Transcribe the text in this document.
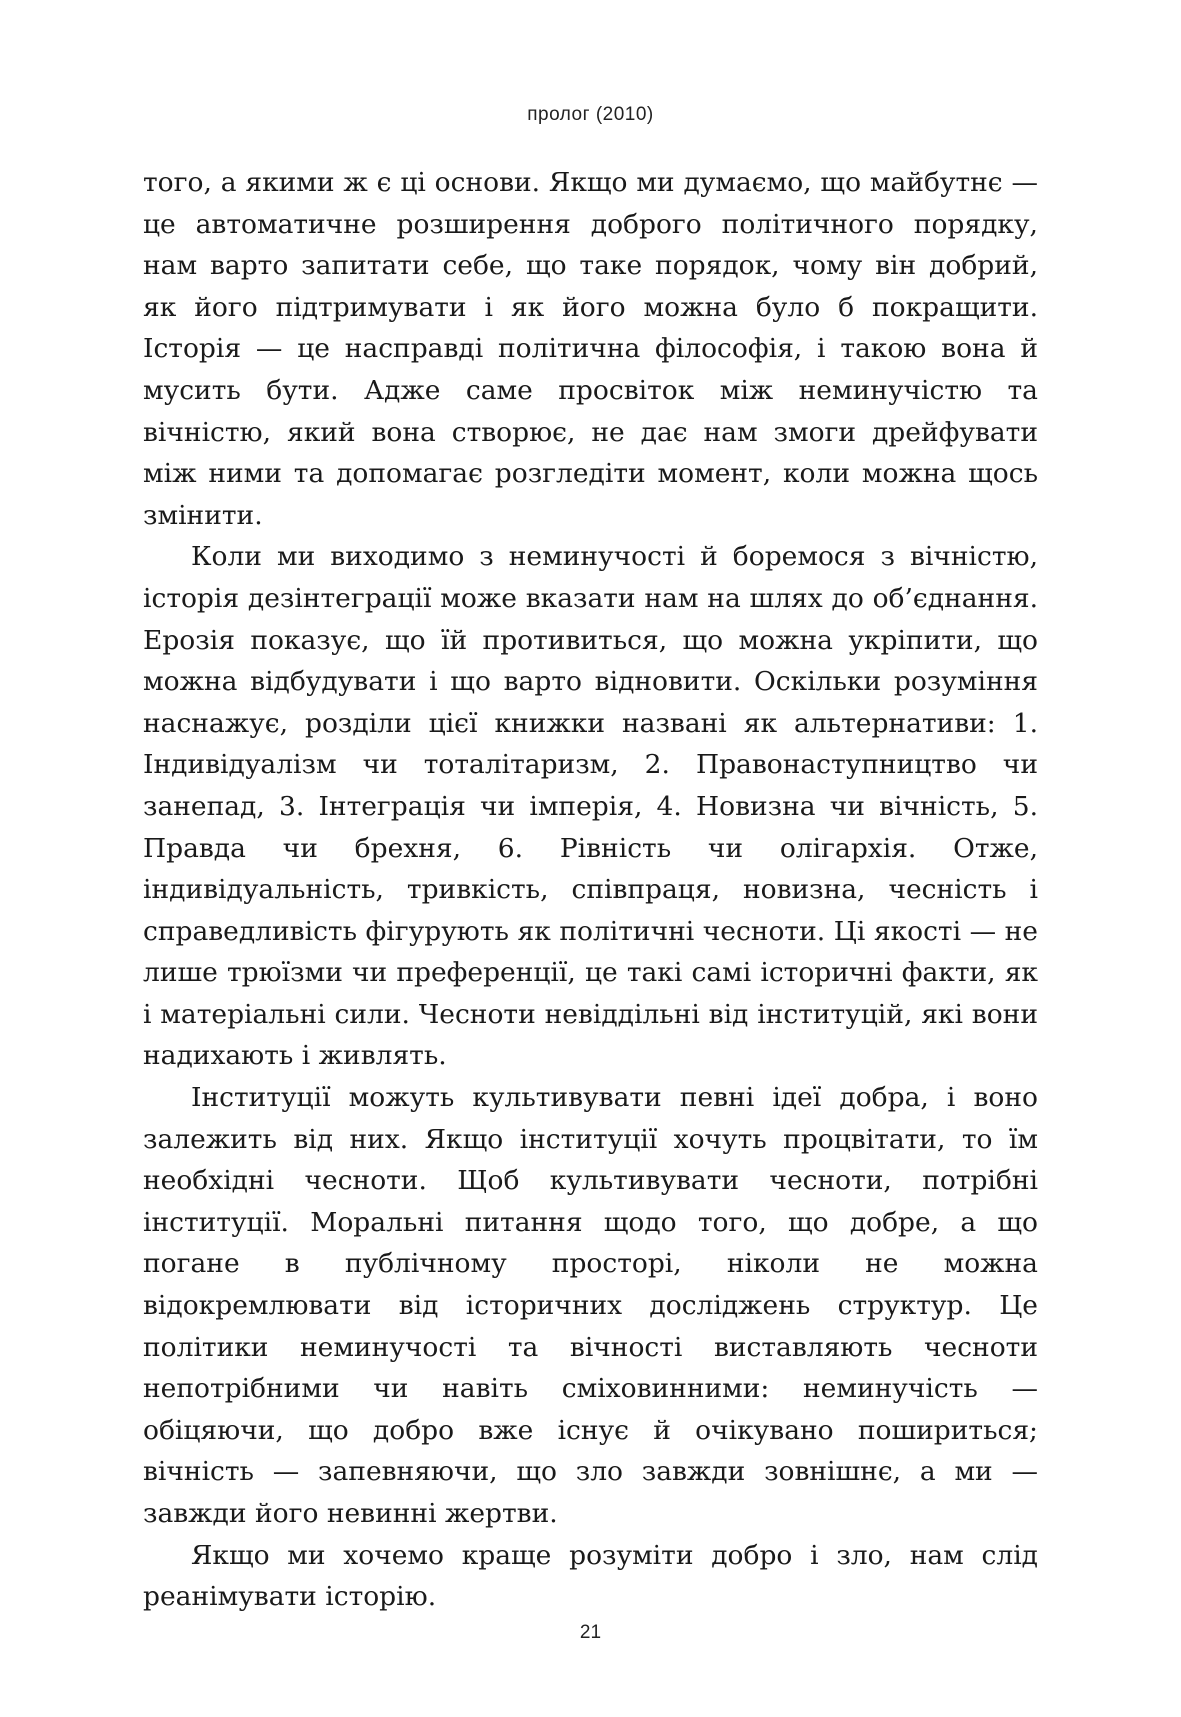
пролог (2010)

того, а якими ж є ці основи. Якщо ми думаємо, що майбутнє — це автоматичне розширення доброго політичного порядку, нам варто запитати себе, що таке порядок, чому він добрий, як його підтримувати і як його можна було б покращити. Історія — це насправді політична філософія, і такою вона й мусить бути. Адже саме просвіток між неминучістю та вічністю, який вона створює, не дає нам змоги дрейфувати між ними та допомагає розгледіти момент, коли можна щось змінити.

Коли ми виходимо з неминучості й боремося з вічністю, історія дезінтеграції може вказати нам на шлях до об’єднання. Ерозія показує, що їй противиться, що можна укріпити, що можна відбудувати і що варто відновити. Оскільки розуміння наснажує, розділи цієї книжки названі як альтернативи: 1. Індивідуалізм чи тоталітаризм, 2. Правонаступництво чи занепад, 3. Інтеграція чи імперія, 4. Новизна чи вічність, 5. Правда чи брехня, 6. Рівність чи олігархія. Отже, індивідуальність, тривкість, співпраця, новизна, чесність і справедливість фігурують як політичні чесноти. Ці якості — не лише трюїзми чи преференції, це такі самі історичні факти, як і матеріальні сили. Чесноти невіддільні від інституцій, які вони надихають і живлять.

Інституції можуть культивувати певні ідеї добра, і воно залежить від них. Якщо інституції хочуть процвітати, то їм необхідні чесноти. Щоб культивувати чесноти, потрібні інституції. Моральні питання щодо того, що добре, а що погане в публічному просторі, ніколи не можна відокремлювати від історичних досліджень структур. Це політики неминучості та вічності виставляють чесноти непотрібними чи навіть сміховинними: неминучість — обіцяючи, що добро вже існує й очікувано пошириться; вічність — запевняючи, що зло завжди зовнішнє, а ми — завжди його невинні жертви.

Якщо ми хочемо краще розуміти добро і зло, нам слід реанімувати історію.

21
